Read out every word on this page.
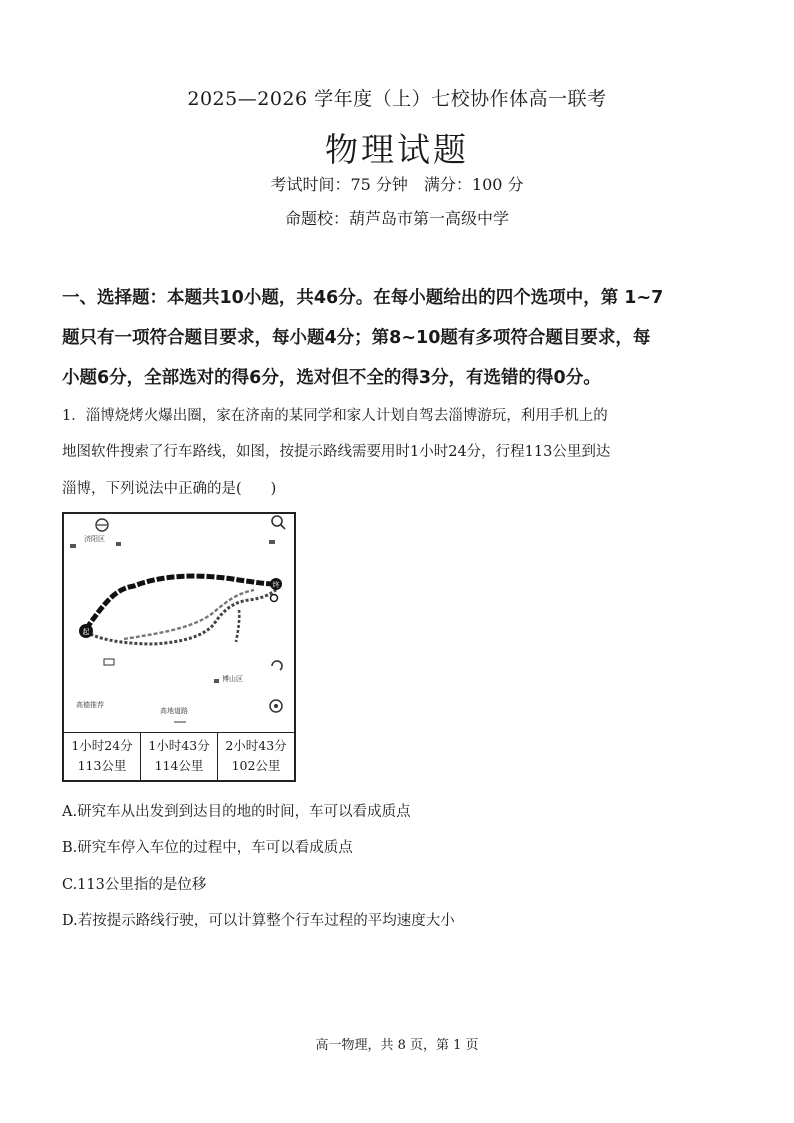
2025—2026 学年度（上）七校协作体高一联考
物理试题
考试时间：75 分钟　满分：100 分
命题校：葫芦岛市第一高级中学
一、选择题：本题共10小题，共46分。在每小题给出的四个选项中，第 1~7
题只有一项符合题目要求，每小题4分；第8~10题有多项符合题目要求，每
小题6分，全部选对的得6分，选对但不全的得3分，有选错的得0分。
1．淄博烧烤火爆出圈，家在济南的某同学和家人计划自驾去淄博游玩，利用手机上的
地图软件搜索了行车路线，如图，按提示路线需要用时1小时24分，行程113公里到达
淄博，下列说法中正确的是(　　)
起
终
济阳区
博山区
高德推荐
高地道路
1小时24分
113公里
1小时43分
114公里
2小时43分
102公里
A.研究车从出发到到达目的地的时间，车可以看成质点
B.研究车停入车位的过程中，车可以看成质点
C.113公里指的是位移
D.若按提示路线行驶，可以计算整个行车过程的平均速度大小
高一物理，共 8 页，第 1 页
